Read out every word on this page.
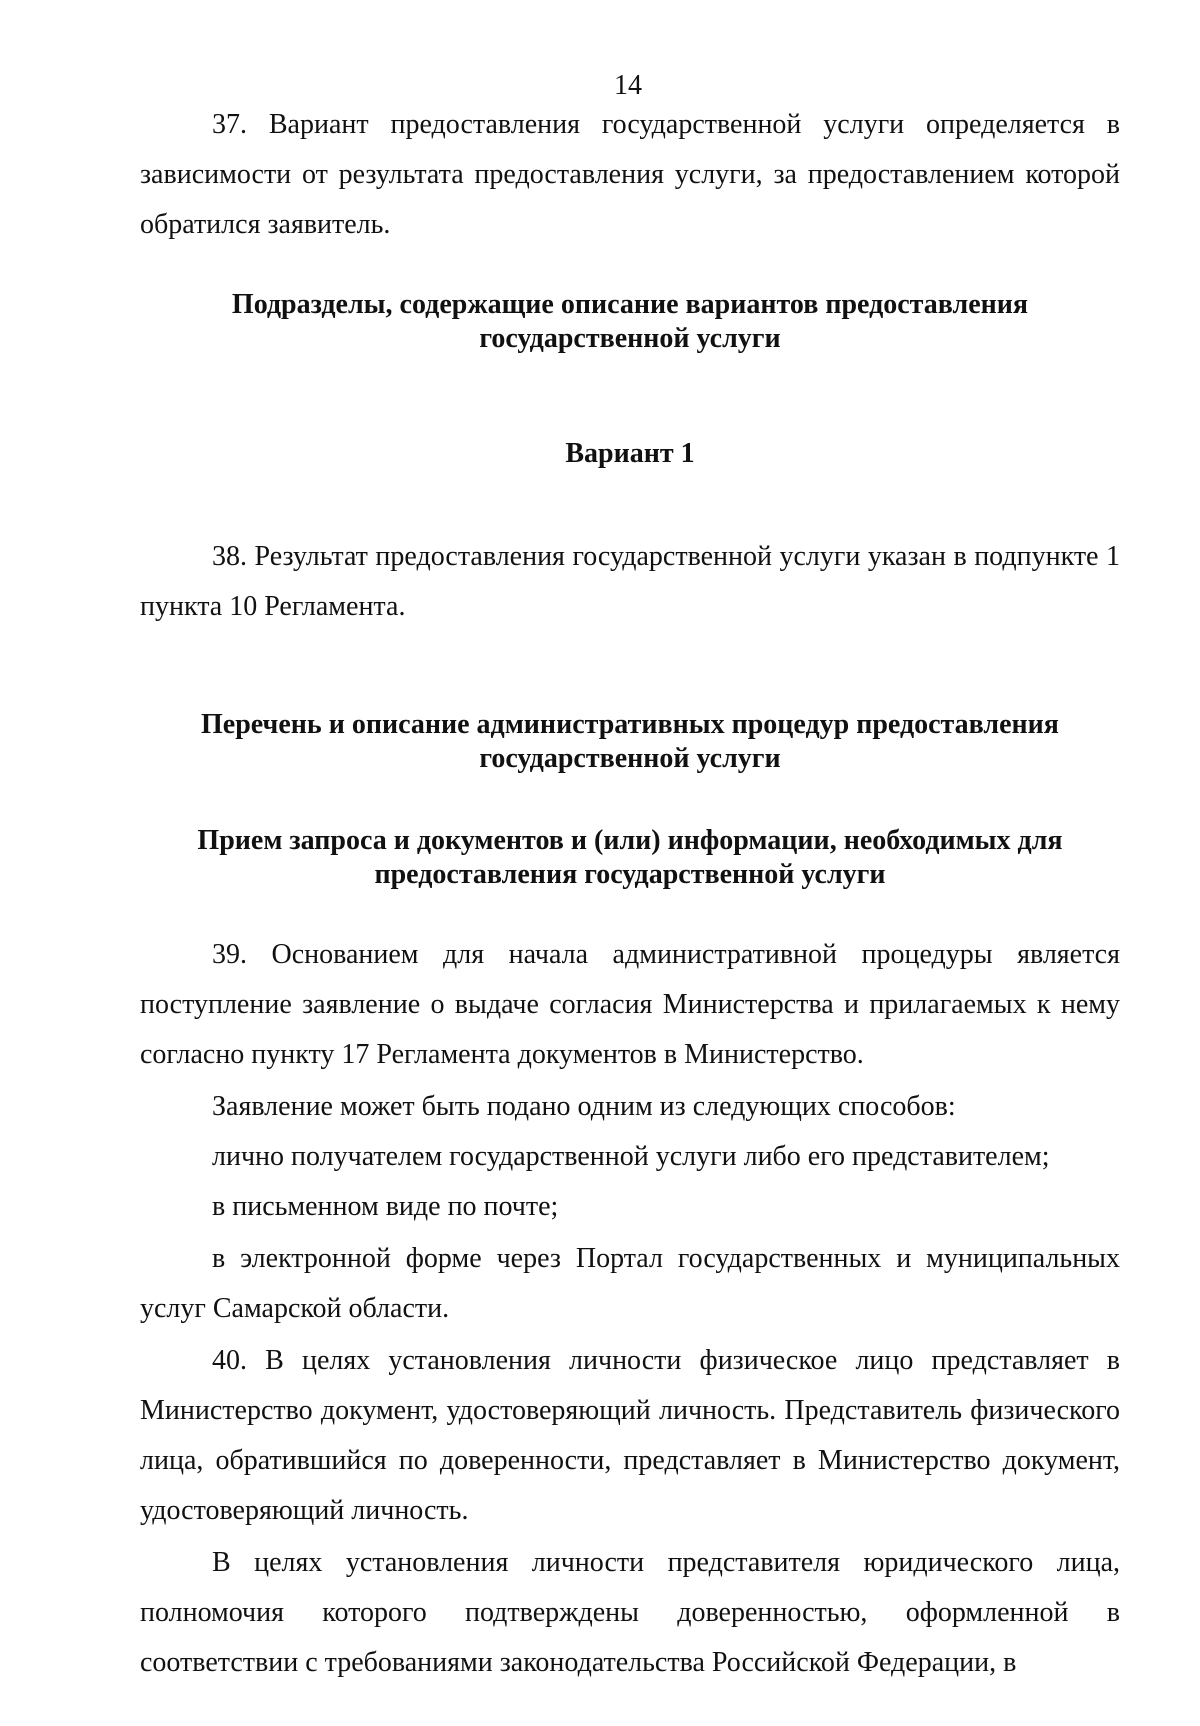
14

37. Вариант предоставления государственной услуги определяется в зависимости от результата предоставления услуги, за предоставлением которой обратился заявитель.

Подразделы, содержащие описание вариантов предоставления
государственной услуги
Вариант 1

38. Результат предоставления государственной услуги указан в подпункте 1 пункта 10 Регламента.

Перечень и описание административных процедур предоставления
государственной услуги
Прием запроса и документов и (или) информации, необходимых для
предоставления государственной услуги

39. Основанием для начала административной процедуры является поступление заявление о выдаче согласия Министерства и прилагаемых к нему согласно пункту 17 Регламента документов в Министерство.

Заявление может быть подано одним из следующих способов:
лично получателем государственной услуги либо его представителем;
в письменном виде по почте;

в электронной форме через Портал государственных и муниципальных услуг Самарской области.

40. В целях установления личности физическое лицо представляет в Министерство документ, удостоверяющий личность. Представитель физического лица, обратившийся по доверенности, представляет в Министерство документ, удостоверяющий личность.

В целях установления личности представителя юридического лица, полномочия которого подтверждены доверенностью, оформленной в соответствии с требованиями законодательства Российской Федерации, в
